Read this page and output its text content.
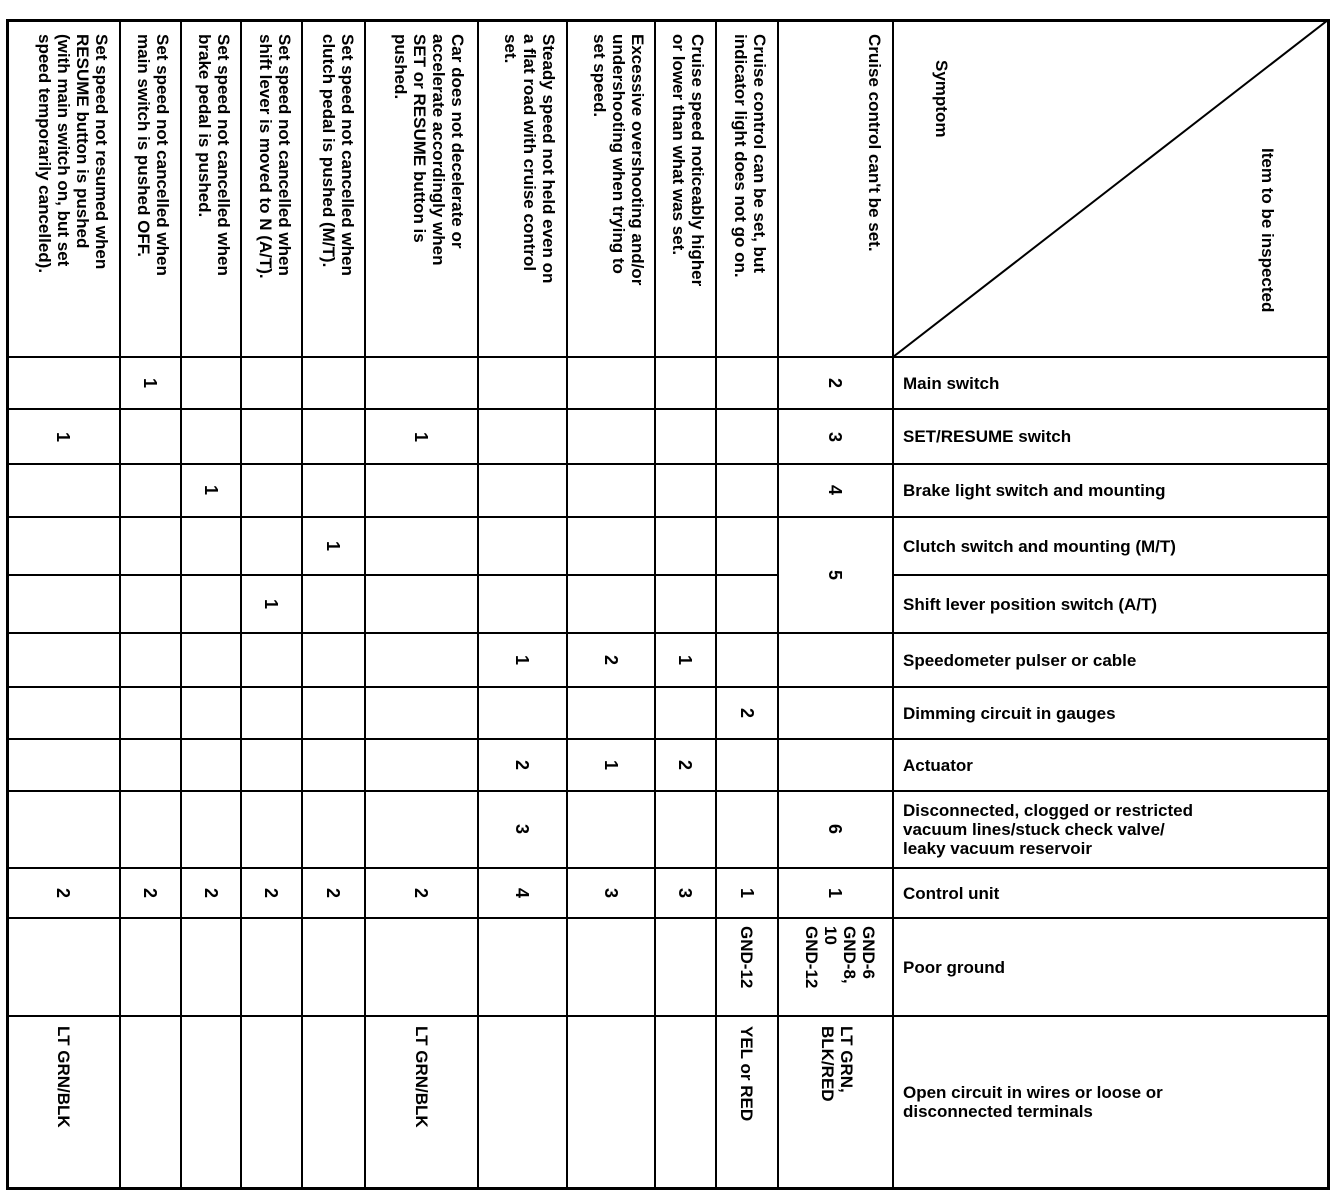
Item to be inspected
Symptom
Cruise control can't be set.
Cruise control can be set, but
indicator light does not go on.
Cruise speed noticeably higher
or lower than what was set.
Excessive overshooting and/or
undershooting when trying to
set speed.
Steady speed not held even on
a flat road with cruise control
set.
Car does not decelerate or
accelerate accordingly when
SET or RESUME button is
pushed.
Set speed not cancelled when
clutch pedal is pushed (M/T).
Set speed not cancelled when
shift lever is moved to N (A/T).
Set speed not cancelled when
brake pedal is pushed.
Set speed not cancelled when
main switch is pushed OFF.
Set speed not resumed when
RESUME button is pushed
(with main switch on, but set
speed temporarily cancelled).
Main switch
SET/RESUME switch
Brake light switch and mounting
Clutch switch and mounting (M/T)
Shift lever position switch (A/T)
Speedometer pulser or cable
Dimming circuit in gauges
Actuator
Disconnected, clogged or restricted
vacuum lines/stuck check valve/
leaky vacuum reservoir
Control unit
Poor ground
Open circuit in wires or loose or
disconnected terminals
2
1
3
1
1
4
1
5
1
1
1
2
1
2
2
1
2
6
3
1
1
3
3
4
2
2
2
2
2
2
GND-6
GND-8,
10
GND-12
GND-12
LT GRN,
BLK/RED
YEL or RED
LT GRN/BLK
LT GRN/BLK
